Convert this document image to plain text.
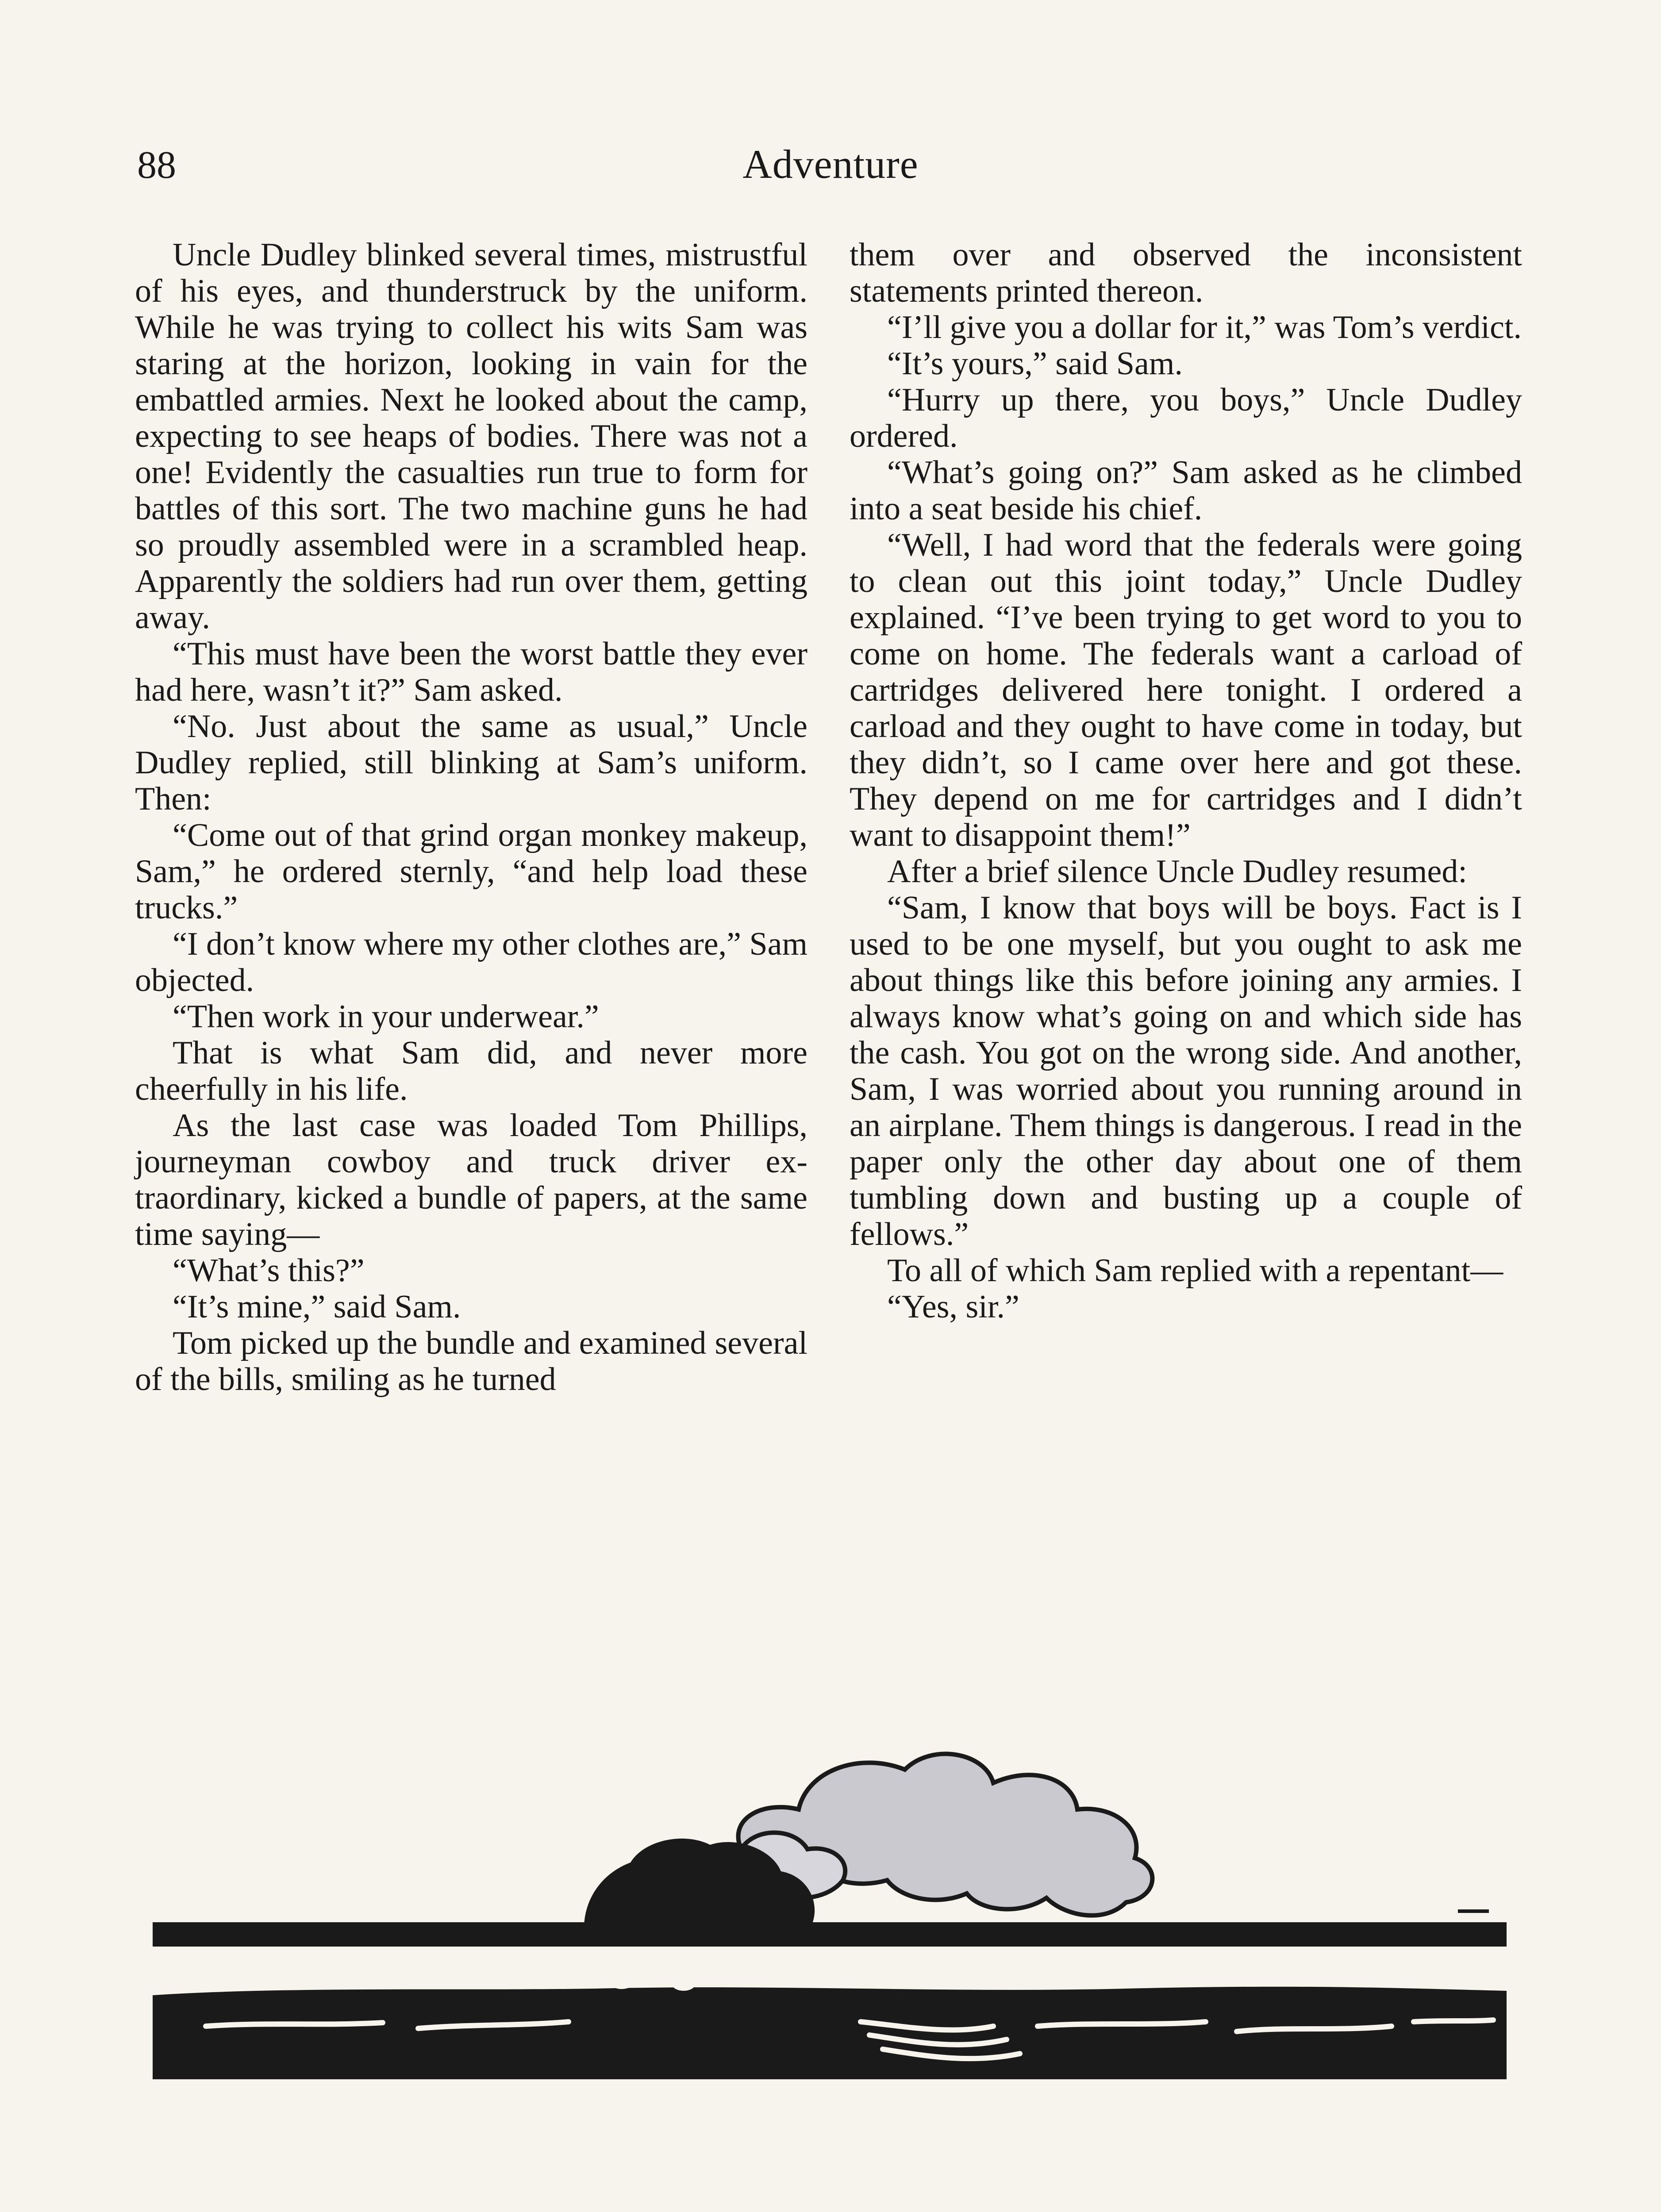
88	Adventure

Uncle Dudley blinked several times, mistrustful of his eyes, and thunderstruck by the uniform. While he was trying to collect his wits Sam was staring at the horizon, looking in vain for the embattled armies. Next he looked about the camp, expecting to see heaps of bodies. There was not a one! Evidently the casualties run true to form for battles of this sort. The two machine guns he had so proudly assembled were in a scrambled heap. Apparently the soldiers had run over them, getting away.

“This must have been the worst battle they ever had here, wasn’t it?” Sam asked.

“No. Just about the same as usual,” Uncle Dudley replied, still blinking at Sam’s uniform. Then:

“Come out of that grind organ monkey makeup, Sam,” he ordered sternly, “and help load these trucks.”

“I don’t know where my other clothes are,” Sam objected.

“Then work in your underwear.”

That is what Sam did, and never more cheerfully in his life.

As the last case was loaded Tom Phillips, journeyman cowboy and truck driver extraordinary, kicked a bundle of papers, at the same time saying—

“What’s this?”

“It’s mine,” said Sam.

Tom picked up the bundle and examined several of the bills, smiling as he turned

them over and observed the inconsistent statements printed thereon.

“I’ll give you a dollar for it,” was Tom’s verdict.

“It’s yours,” said Sam.

“Hurry up there, you boys,” Uncle Dudley ordered.

“What’s going on?” Sam asked as he climbed into a seat beside his chief.

“Well, I had word that the federals were going to clean out this joint today,” Uncle Dudley explained. “I’ve been trying to get word to you to come on home. The federals want a carload of cartridges delivered here tonight. I ordered a carload and they ought to have come in today, but they didn’t, so I came over here and got these. They depend on me for cartridges and I didn’t want to disappoint them!”

After a brief silence Uncle Dudley resumed:

“Sam, I know that boys will be boys. Fact is I used to be one myself, but you ought to ask me about things like this before joining any armies. I always know what’s going on and which side has the cash. You got on the wrong side. And another, Sam, I was worried about you running around in an airplane. Them things is dangerous. I read in the paper only the other day about one of them tumbling down and busting up a couple of fellows.”

To all of which Sam replied with a repentant—

“Yes, sir.”
